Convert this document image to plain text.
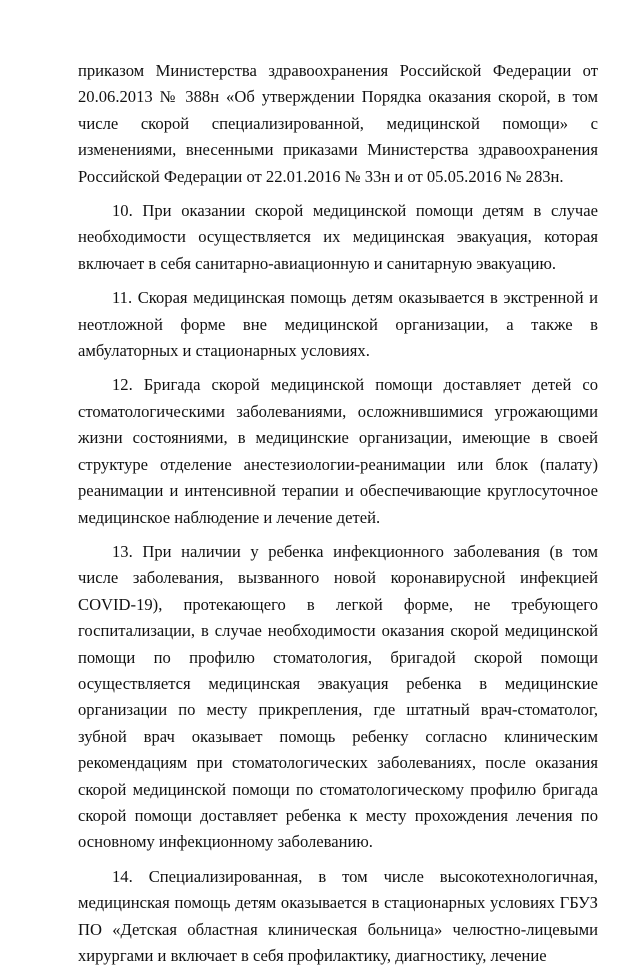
приказом Министерства здравоохранения Российской Федерации от 20.06.2013 № 388н «Об утверждении Порядка оказания скорой, в том числе скорой специализированной, медицинской помощи» с изменениями, внесенными приказами Министерства здравоохранения Российской Федерации от 22.01.2016 № 33н и от 05.05.2016 № 283н.

10. При оказании скорой медицинской помощи детям в случае необходимости осуществляется их медицинская эвакуация, которая включает в себя санитарно-авиационную и санитарную эвакуацию.

11. Скорая медицинская помощь детям оказывается в экстренной и неотложной форме вне медицинской организации, а также в амбулаторных и стационарных условиях.

12. Бригада скорой медицинской помощи доставляет детей со стоматологическими заболеваниями, осложнившимися угрожающими жизни состояниями, в медицинские организации, имеющие в своей структуре отделение анестезиологии-реанимации или блок (палату) реанимации и интенсивной терапии и обеспечивающие круглосуточное медицинское наблюдение и лечение детей.

13. При наличии у ребенка инфекционного заболевания (в том числе заболевания, вызванного новой коронавирусной инфекцией COVID-19), протекающего в легкой форме, не требующего госпитализации, в случае необходимости оказания скорой медицинской помощи по профилю стоматология, бригадой скорой помощи осуществляется медицинская эвакуация ребенка в медицинские организации по месту прикрепления, где штатный врач-стоматолог, зубной врач оказывает помощь ребенку согласно клиническим рекомендациям при стоматологических заболеваниях, после оказания скорой медицинской помощи по стоматологическому профилю бригада скорой помощи доставляет ребенка к месту прохождения лечения по основному инфекционному заболеванию.

14. Специализированная, в том числе высокотехнологичная, медицинская помощь детям оказывается в стационарных условиях ГБУЗ ПО «Детская областная клиническая больница» челюстно-лицевыми хирургами и включает в себя профилактику, диагностику, лечение
